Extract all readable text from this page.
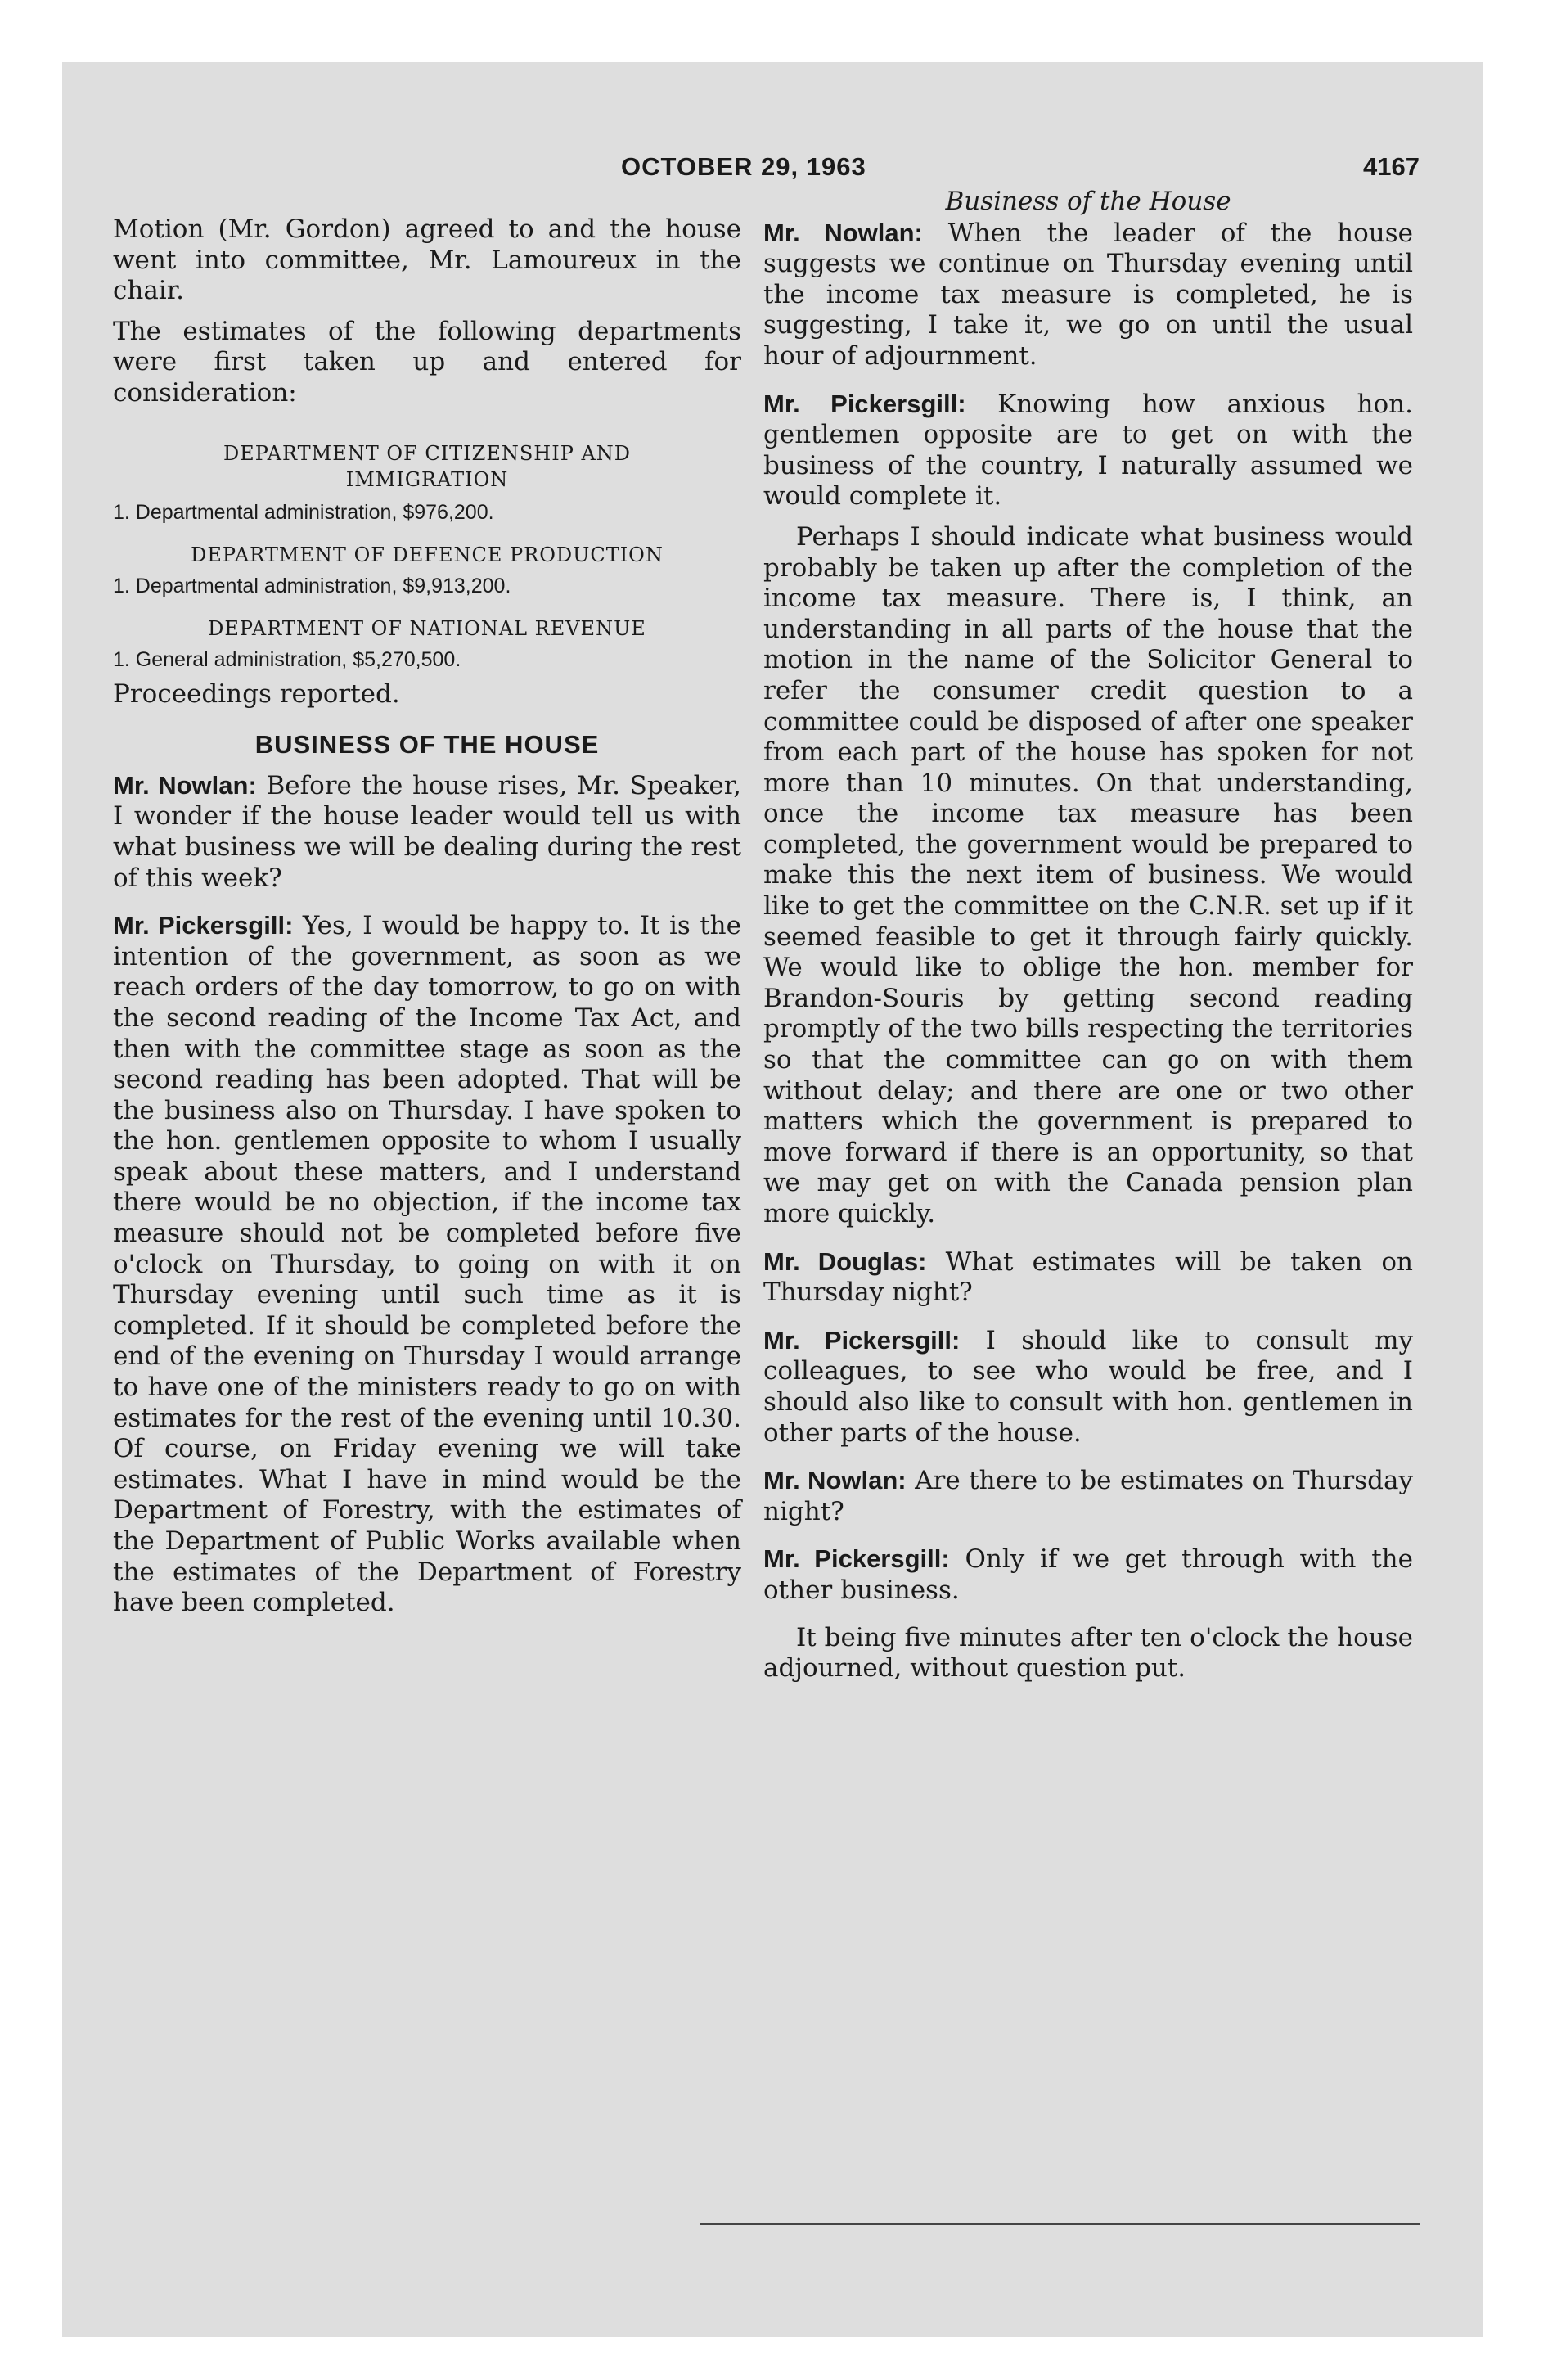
OCTOBER 29, 1963	4167

Motion (Mr. Gordon) agreed to and the house went into committee, Mr. Lamoureux in the chair.

The estimates of the following departments were first taken up and entered for consideration:

DEPARTMENT OF CITIZENSHIP AND

IMMIGRATION

1. Departmental administration, $976,200.

DEPARTMENT OF DEFENCE PRODUCTION

1. Departmental administration, $9,913,200.

DEPARTMENT OF NATIONAL REVENUE

1. General administration, $5,270,500.

Proceedings reported.

BUSINESS OF THE HOUSE

Mr. Nowlan: Before the house rises, Mr. Speaker, I wonder if the house leader would tell us with what business we will be dealing during the rest of this week?

Mr. Pickersgill: Yes, I would be happy to. It is the intention of the government, as soon as we reach orders of the day tomorrow, to go on with the second reading of the Income Tax Act, and then with the committee stage as soon as the second reading has been adopted. That will be the business also on Thursday. I have spoken to the hon. gentlemen opposite to whom I usually speak about these matters, and I understand there would be no objection, if the income tax measure should not be completed before five o'clock on Thursday, to going on with it on Thursday evening until such time as it is completed. If it should be completed before the end of the evening on Thursday I would arrange to have one of the ministers ready to go on with estimates for the rest of the evening until 10.30. Of course, on Friday evening we will take estimates. What I have in mind would be the Department of Forestry, with the estimates of the Department of Public Works available when the estimates of the Department of Forestry have been completed.

Business of the House

Mr. Nowlan: When the leader of the house suggests we continue on Thursday evening until the income tax measure is completed, he is suggesting, I take it, we go on until the usual hour of adjournment.

Mr. Pickersgill: Knowing how anxious hon. gentlemen opposite are to get on with the business of the country, I naturally assumed we would complete it.

Perhaps I should indicate what business would probably be taken up after the completion of the income tax measure. There is, I think, an understanding in all parts of the house that the motion in the name of the Solicitor General to refer the consumer credit question to a committee could be disposed of after one speaker from each part of the house has spoken for not more than 10 minutes. On that understanding, once the income tax measure has been completed, the government would be prepared to make this the next item of business. We would like to get the committee on the C.N.R. set up if it seemed feasible to get it through fairly quickly. We would like to oblige the hon. member for Brandon-Souris by getting second reading promptly of the two bills respecting the territories so that the committee can go on with them without delay; and there are one or two other matters which the government is prepared to move forward if there is an opportunity, so that we may get on with the Canada pension plan more quickly.

Mr. Douglas: What estimates will be taken on Thursday night?

Mr. Pickersgill: I should like to consult my colleagues, to see who would be free, and I should also like to consult with hon. gentlemen in other parts of the house.

Mr. Nowlan: Are there to be estimates on Thursday night?

Mr. Pickersgill: Only if we get through with the other business.

It being five minutes after ten o'clock the house adjourned, without question put.
